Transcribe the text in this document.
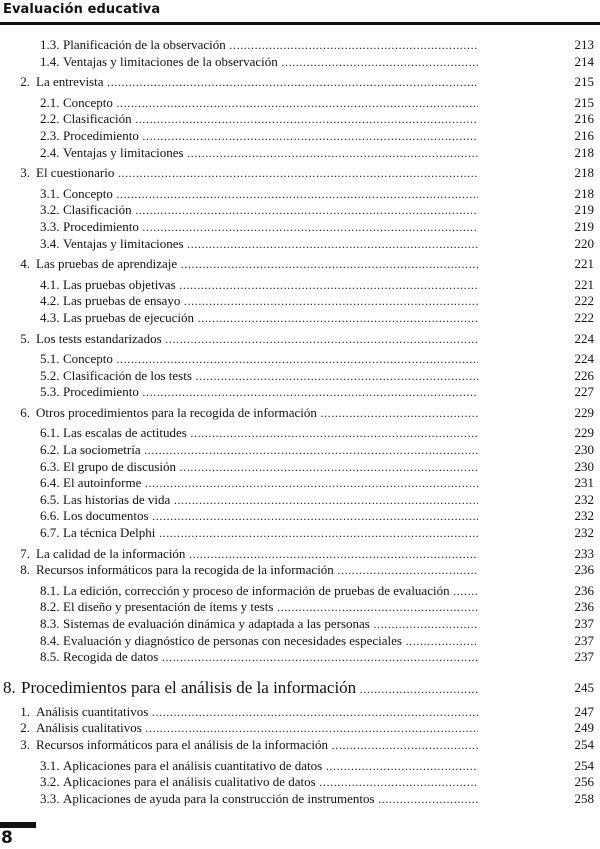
Evaluación educativa
1.3. Planificación de la observación .....	213
1.4. Ventajas y limitaciones de la observación .....	214
2. La entrevista .....	215
2.1. Concepto .....	215
2.2. Clasificación .....	216
2.3. Procedimiento .....	216
2.4. Ventajas y limitaciones .....	218
3. El cuestionario .....	218
3.1. Concepto .....	218
3.2. Clasificación .....	219
3.3. Procedimiento .....	219
3.4. Ventajas y limitaciones .....	220
4. Las pruebas de aprendizaje .....	221
4.1. Las pruebas objetivas .....	221
4.2. Las pruebas de ensayo .....	222
4.3. Las pruebas de ejecución .....	222
5. Los tests estandarizados .....	224
5.1. Concepto .....	224
5.2. Clasificación de los tests .....	226
5.3. Procedimiento .....	227
6. Otros procedimientos para la recogida de información .....	229
6.1. Las escalas de actitudes .....	229
6.2. La sociometría .....	230
6.3. El grupo de discusión .....	230
6.4. El autoinforme .....	231
6.5. Las historias de vida .....	232
6.6. Los documentos .....	232
6.7. La técnica Delphi .....	232
7. La calidad de la información .....	233
8. Recursos informáticos para la recogida de la información .....	236
8.1. La edición, corrección y proceso de información de pruebas de evaluación .....	236
8.2. El diseño y presentación de ítems y tests .....	236
8.3. Sistemas de evaluación dinámica y adaptada a las personas .....	237
8.4. Evaluación y diagnóstico de personas con necesidades especiales .....	237
8.5. Recogida de datos .....	237
8. Procedimientos para el análisis de la información .....	245
1. Análisis cuantitativos .....	247
2. Análisis cualitativos .....	249
3. Recursos informáticos para el análisis de la información .....	254
3.1. Aplicaciones para el análisis cuantitativo de datos .....	254
3.2. Aplicaciones para el análisis cualitativo de datos .....	256
3.3. Aplicaciones de ayuda para la construcción de instrumentos .....	258
8
